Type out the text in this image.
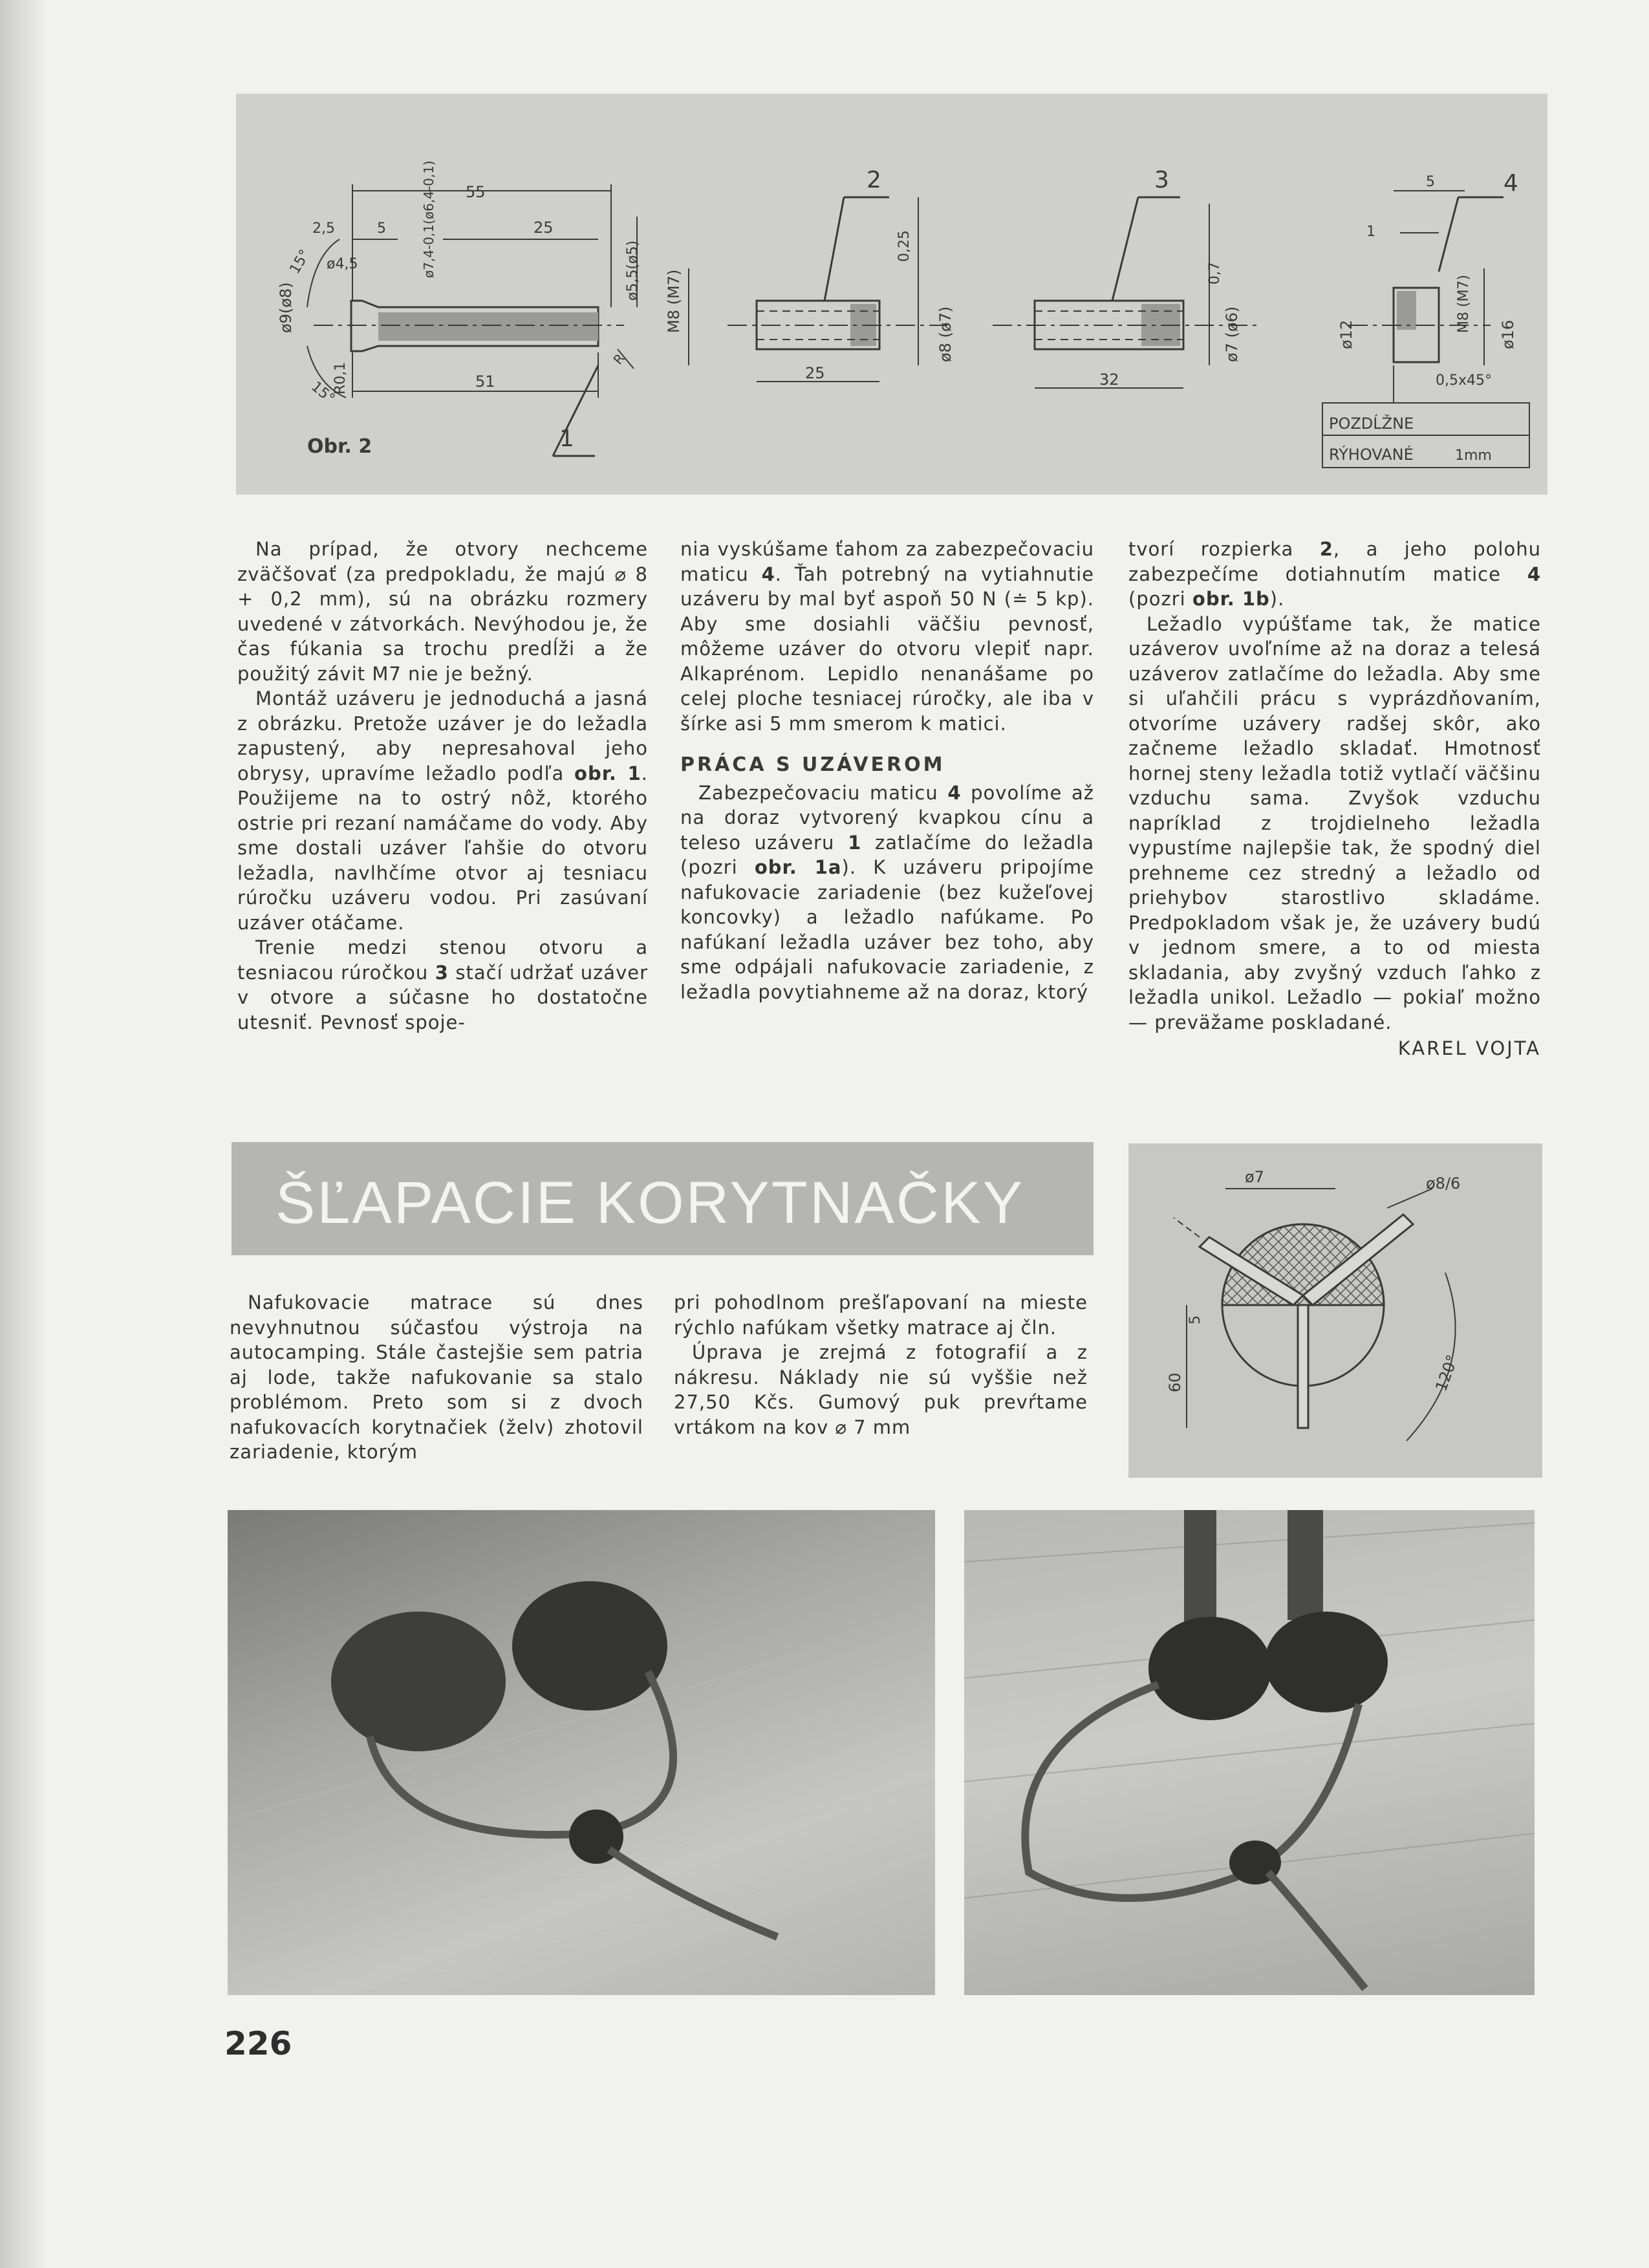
Obr. 2
ø9(ø8)
15°
15°
ø4,5
R0,1
2,5	5
55
25
51
ø7,4-0,1(ø6,4-0,1)	ø5,5(ø5) M8 (M7)
R
1
2
0,25
ø8 (ø7)
25
3
0,7
ø7 (ø6)
32
4
5
1
ø12
M8 (M7)
ø16
0,5x45°
POZDĹŽNE
RÝHOVANÉ	1mm

Na prípad, že otvory nechceme zväčšovať (za predpokladu, že majú ⌀ 8 + 0,2 mm), sú na obrázku rozmery uvedené v zátvorkách. Nevýhodou je, že čas fúkania sa trochu predĺži a že použitý závit M7 nie je bežný.

Montáž uzáveru je jednoduchá a jasná z obrázku. Pretože uzáver je do ležadla zapustený, aby nepresahoval jeho obrysy, upravíme ležadlo podľa obr. 1. Použijeme na to ostrý nôž, ktorého ostrie pri rezaní namáčame do vody. Aby sme dostali uzáver ľahšie do otvoru ležadla, navlhčíme otvor aj tesniacu rúročku uzáveru vodou. Pri zasúvaní uzáver otáčame.

Trenie medzi stenou otvoru a tesniacou rúročkou 3 stačí udržať uzáver v otvore a súčasne ho dostatočne utesniť. Pevnosť spoje-

nia vyskúšame ťahom za zabezpečovaciu maticu 4. Ťah potrebný na vytiahnutie uzáveru by mal byť aspoň 50 N (≐ 5 kp). Aby sme dosiahli väčšiu pevnosť, môžeme uzáver do otvoru vlepiť napr. Alkaprénom. Lepidlo nenanášame po celej ploche tesniacej rúročky, ale iba v šírke asi 5 mm smerom k matici.

PRÁCA S UZÁVEROM

Zabezpečovaciu maticu 4 povolíme až na doraz vytvorený kvapkou cínu a teleso uzáveru 1 zatlačíme do ležadla (pozri obr. 1a). K uzáveru pripojíme nafukovacie zariadenie (bez kužeľovej koncovky) a ležadlo nafúkame. Po nafúkaní ležadla uzáver bez toho, aby sme odpájali nafukovacie zariadenie, z ležadla povytiahneme až na doraz, ktorý

tvorí rozpierka 2, a jeho polohu zabezpečíme dotiahnutím matice 4 (pozri obr. 1b).

Ležadlo vypúšťame tak, že matice uzáverov uvoľníme až na doraz a telesá uzáverov zatlačíme do ležadla. Aby sme si uľahčili prácu s vyprázdňovaním, otvoríme uzávery radšej skôr, ako začneme ležadlo skladať. Hmotnosť hornej steny ležadla totiž vytlačí väčšinu vzduchu sama. Zvyšok vzduchu napríklad z trojdielneho ležadla vypustíme najlepšie tak, že spodný diel prehneme cez stredný a ležadlo od priehybov starostlivo skladáme. Predpokladom však je, že uzávery budú v jednom smere, a to od miesta skladania, aby zvyšný vzduch ľahko z ležadla unikol. Ležadlo — pokiaľ možno — preväžame poskladané.

KAREL VOJTA
ŠĽAPACIE KORYTNAČKY

Nafukovacie matrace sú dnes nevyhnutnou súčasťou výstroja na autocamping. Stále častejšie sem patria aj lode, takže nafukovanie sa stalo problémom. Preto som si z dvoch nafukovacích korytnačiek (želv) zhotovil zariadenie, ktorým

pri pohodlnom prešľapovaní na mieste rýchlo nafúkam všetky matrace aj čln.

Úprava je zrejmá z fotografií a z nákresu. Náklady nie sú vyššie než 27,50 Kčs. Gumový puk prevŕtame vrtákom na kov ⌀ 7 mm

ø7	ø8/6
5
60	120°
226
